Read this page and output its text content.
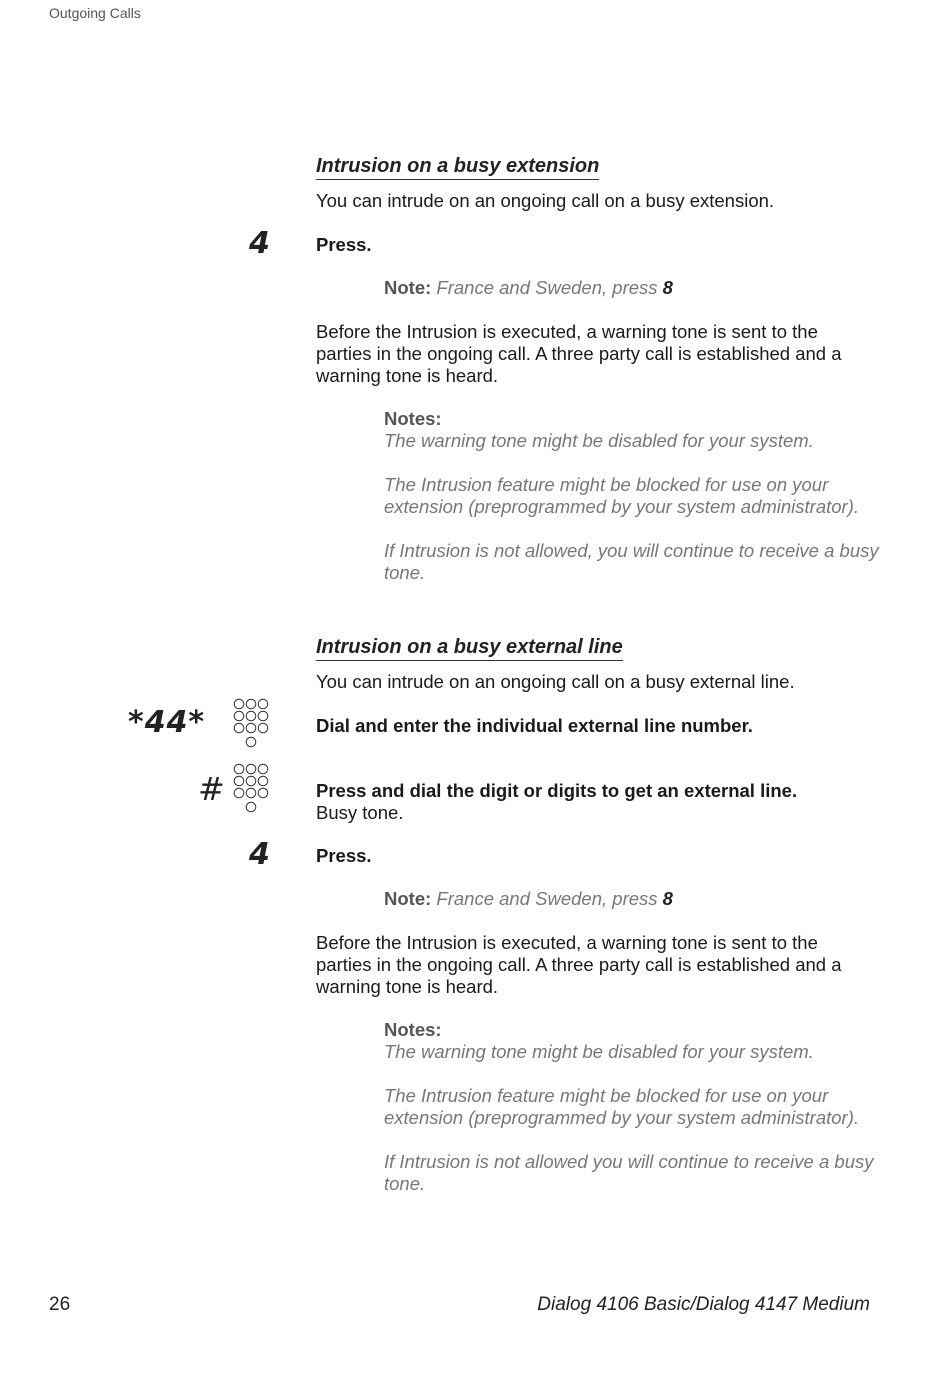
Outgoing Calls
Intrusion on a busy extension
You can intrude on an ongoing call on a busy extension.
4 Press.
Note: France and Sweden, press 8
Before the Intrusion is executed, a warning tone is sent to the parties in the ongoing call. A three party call is established and a warning tone is heard.
Notes:
The warning tone might be disabled for your system.
The Intrusion feature might be blocked for use on your extension (preprogrammed by your system administrator).
If Intrusion is not allowed, you will continue to receive a busy tone.
Intrusion on a busy external line
You can intrude on an ongoing call on a busy external line.
*44*	Dial and enter the individual external line number.
#	Press and dial the digit or digits to get an external line.
Busy tone.
4 Press.
Note: France and Sweden, press 8
Before the Intrusion is executed, a warning tone is sent to the parties in the ongoing call. A three party call is established and a warning tone is heard.
Notes:
The warning tone might be disabled for your system.
The Intrusion feature might be blocked for use on your extension (preprogrammed by your system administrator).
If Intrusion is not allowed you will continue to receive a busy tone.
26	Dialog 4106 Basic/Dialog 4147 Medium
